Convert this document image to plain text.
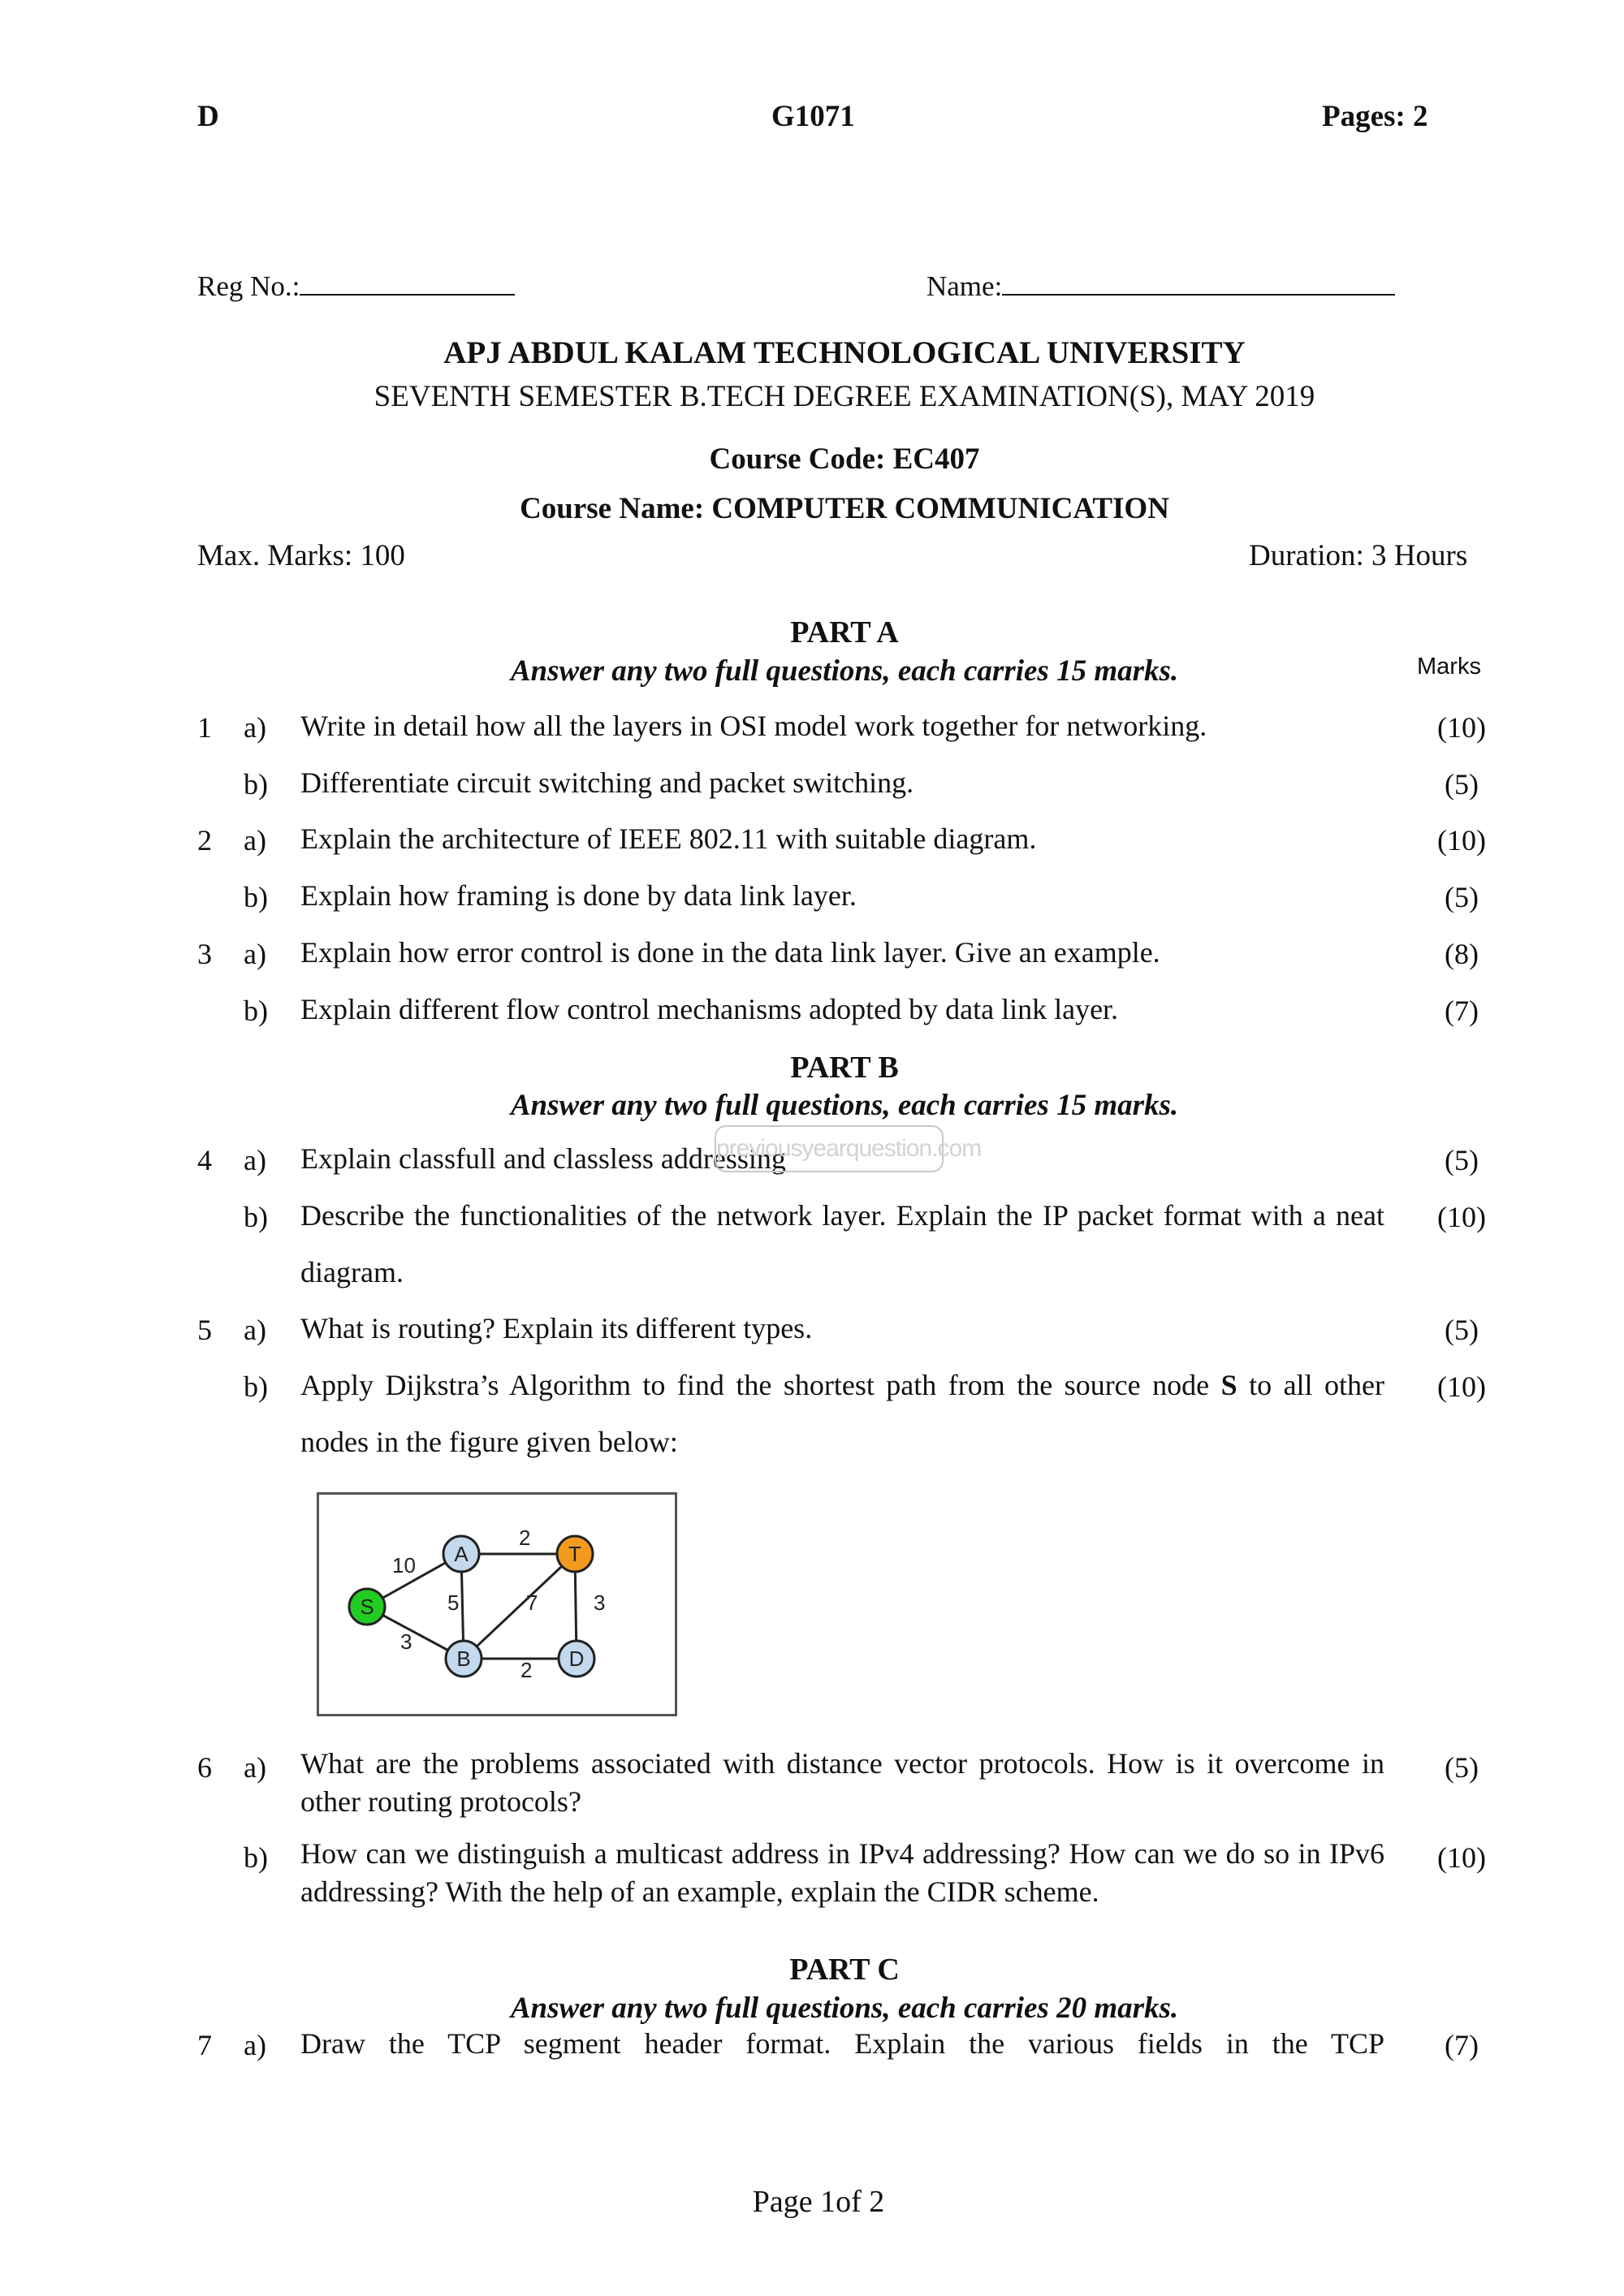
D	G1071	Pages: 2
Reg No.:	Name:
APJ ABDUL KALAM TECHNOLOGICAL UNIVERSITY
SEVENTH SEMESTER B.TECH DEGREE EXAMINATION(S), MAY 2019
Course Code: EC407
Course Name: COMPUTER COMMUNICATION
Max. Marks: 100	Duration: 3 Hours
PART A
Answer any two full questions, each carries 15 marks.	Marks
1 a) Write in detail how all the layers in OSI model work together for networking.	(10)
b) Differentiate circuit switching and packet switching.	(5)
2 a) Explain the architecture of IEEE 802.11 with suitable diagram.	(10)
b) Explain how framing is done by data link layer.	(5)
3 a) Explain how error control is done in the data link layer. Give an example.	(8)
b) Explain different flow control mechanisms adopted by data link layer.	(7)
PART B
Answer any two full questions, each carries 15 marks.
4 a) Explain classfull and classless addressing	(5)
previousyearquestion.com
b) Describe the functionalities of the network layer. Explain the IP packet format with a neat diagram.
(10)
5 a) What is routing? Explain its different types.	(5)
b) Apply Dijkstra’s Algorithm to find the shortest path from the source node S to all other nodes in the figure given below:
(10)
10
3
5
2
7	3
2
S
A	T
B	D
6 a) What are the problems associated with distance vector protocols. How is it overcome in other routing protocols?
(5)
b) How can we distinguish a multicast address in IPv4 addressing? How can we do so in IPv6 addressing? With the help of an example, explain the CIDR scheme.
(10)
PART C
Answer any two full questions, each carries 20 marks.
7 a) Draw the TCP segment header format. Explain the various fields in the TCP	(7)
Page 1of 2
